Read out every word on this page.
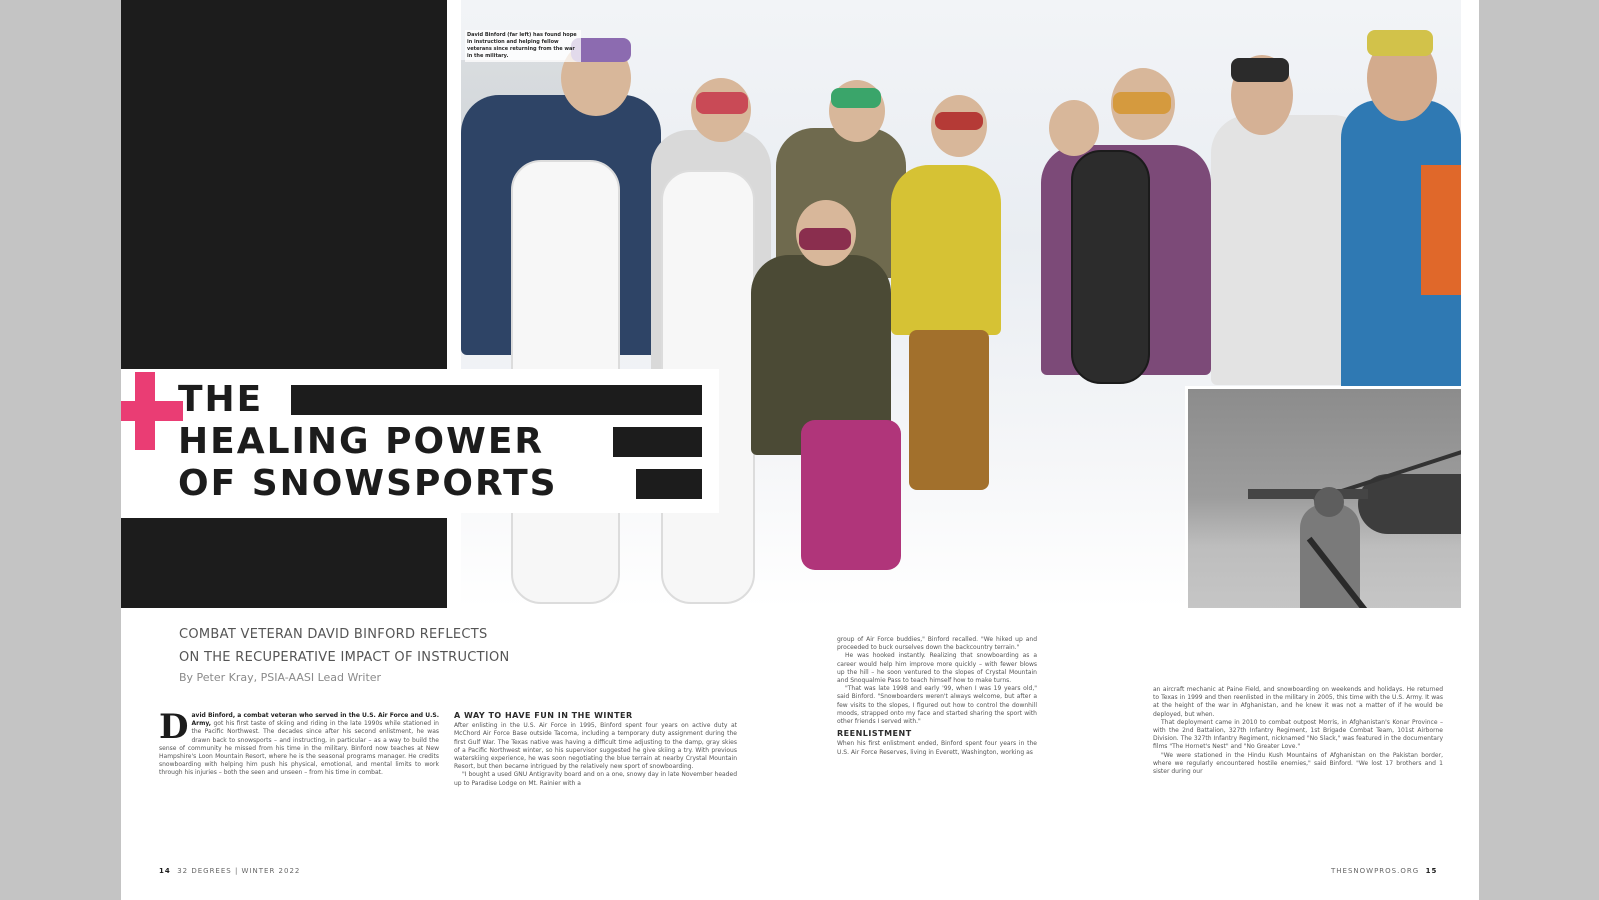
David Binford (far left) has found hope in instruction and helping fellow veterans since returning from the war in the military.
THE
HEALING POWER
OF SNOWSPORTS
COMBAT VETERAN DAVID BINFORD REFLECTS
ON THE RECUPERATIVE IMPACT OF INSTRUCTION
By Peter Kray, PSIA-AASI Lead Writer
David Binford, a combat veteran who served in the U.S. Air Force and U.S. Army, got his first taste of skiing and riding in the late 1990s while stationed in the Pacific Northwest. The decades since after his second enlistment, he was drawn back to snowsports – and instructing, in particular – as a way to build the sense of community he missed from his time in the military. Binford now teaches at New Hampshire's Loon Mountain Resort, where he is the seasonal programs manager. He credits snowboarding with helping him push his physical, emotional, and mental limits to work through his injuries – both the seen and unseen – from his time in combat.
A WAY TO HAVE FUN IN THE WINTER
After enlisting in the U.S. Air Force in 1995, Binford spent four years on active duty at McChord Air Force Base outside Tacoma, including a temporary duty assignment during the first Gulf War. The Texas native was having a difficult time adjusting to the damp, gray skies of a Pacific Northwest winter, so his supervisor suggested he give skiing a try. With previous waterskiing experience, he was soon negotiating the blue terrain at nearby Crystal Mountain Resort, but then became intrigued by the relatively new sport of snowboarding.
"I bought a used GNU Antigravity board and on a one, snowy day in late November headed up to Paradise Lodge on Mt. Rainier with a
group of Air Force buddies," Binford recalled. "We hiked up and proceeded to buck ourselves down the backcountry terrain."
He was hooked instantly. Realizing that snowboarding as a career would help him improve more quickly – with fewer blows up the hill – he soon ventured to the slopes of Crystal Mountain and Snoqualmie Pass to teach himself how to make turns.
"That was late 1998 and early '99, when I was 19 years old," said Binford. "Snowboarders weren't always welcome, but after a few visits to the slopes, I figured out how to control the downhill moods, strapped onto my face and started sharing the sport with other friends I served with."
REENLISTMENT
When his first enlistment ended, Binford spent four years in the U.S. Air Force Reserves, living in Everett, Washington, working as
an aircraft mechanic at Paine Field, and snowboarding on weekends and holidays. He returned to Texas in 1999 and then reenlisted in the military in 2005, this time with the U.S. Army. It was at the height of the war in Afghanistan, and he knew it was not a matter of if he would be deployed, but when.
That deployment came in 2010 to combat outpost Morris, in Afghanistan's Konar Province – with the 2nd Battalion, 327th Infantry Regiment, 1st Brigade Combat Team, 101st Airborne Division. The 327th Infantry Regiment, nicknamed "No Slack," was featured in the documentary films "The Hornet's Nest" and "No Greater Love."
"We were stationed in the Hindu Kush Mountains of Afghanistan on the Pakistan border, where we regularly encountered hostile enemies," said Binford. "We lost 17 brothers and 1 sister during our
14 32 DEGREES | WINTER 2022	THESNOWPROS.ORG 15
